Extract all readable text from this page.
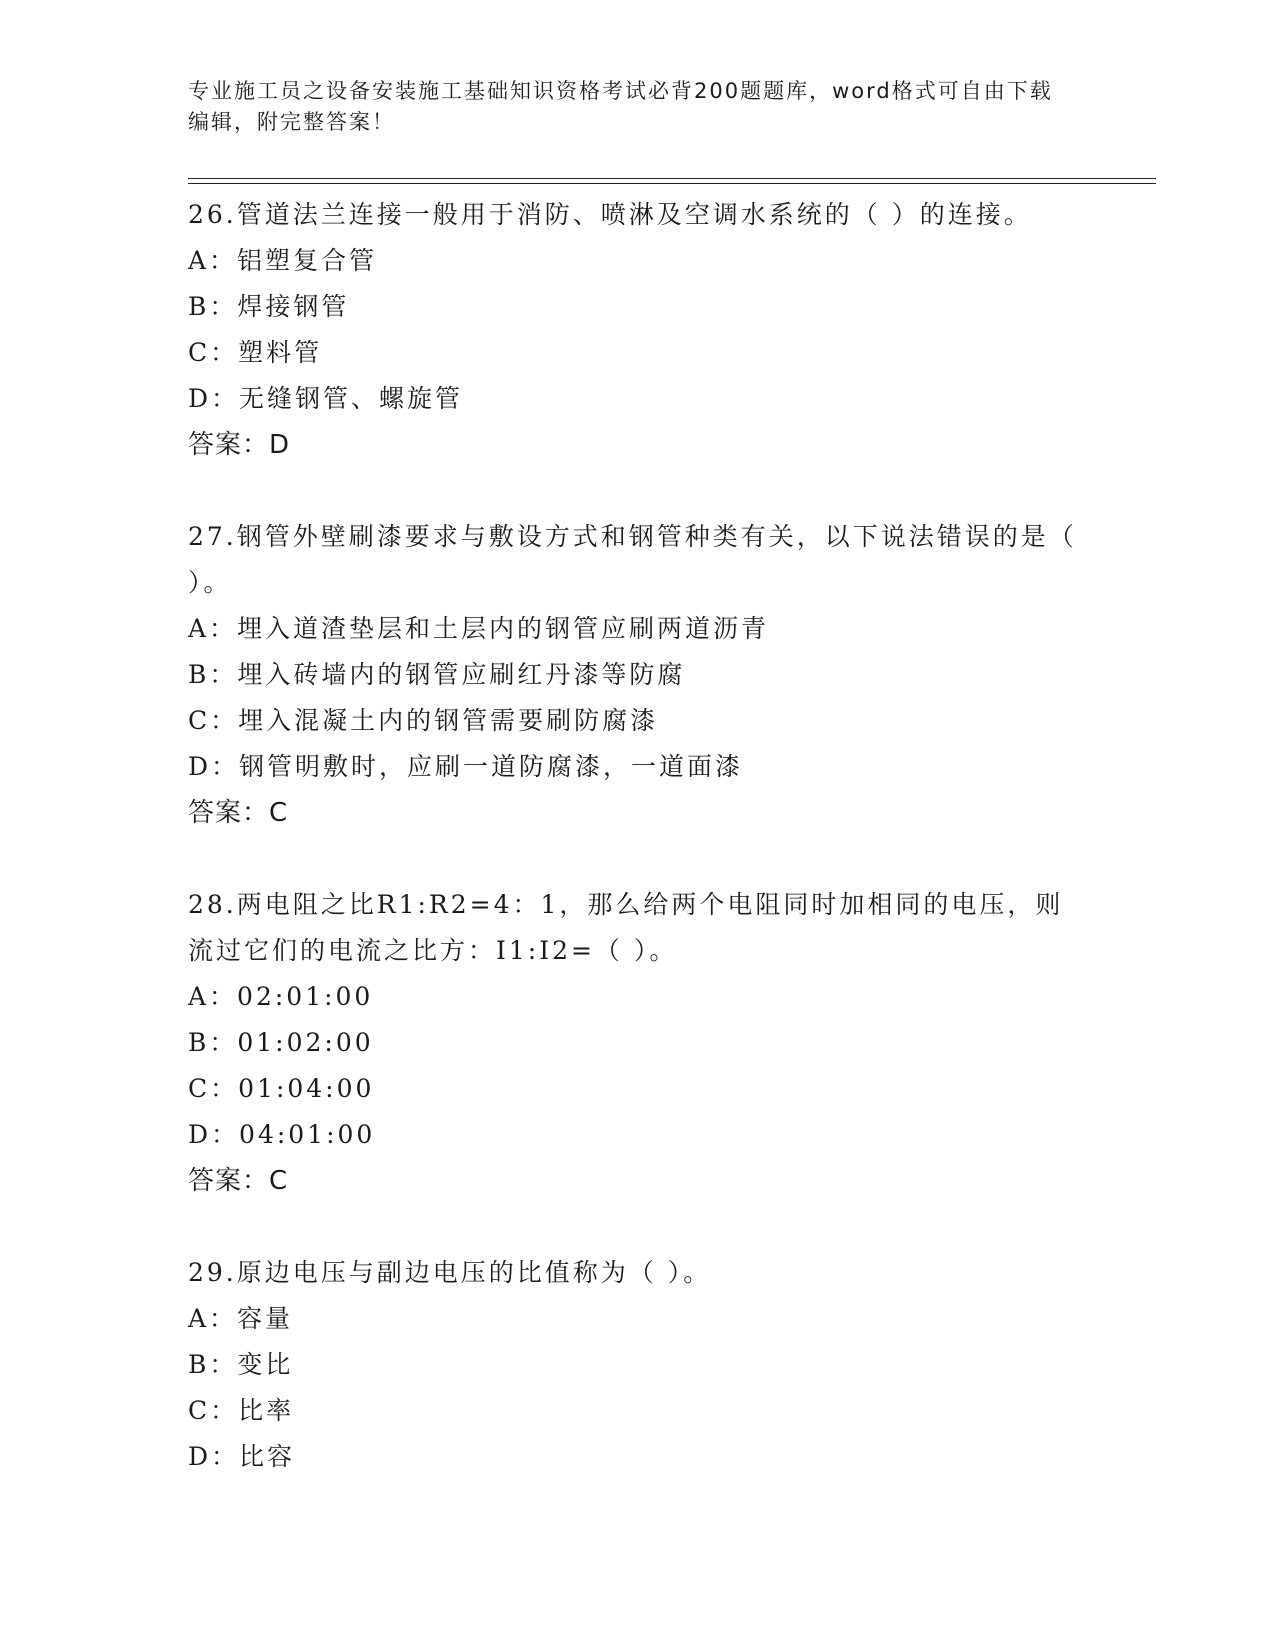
专业施工员之设备安装施工基础知识资格考试必背200题题库，word格式可自由下载编辑，附完整答案！

26.管道法兰连接一般用于消防、喷淋及空调水系统的（ ）的连接。

A：铝塑复合管

B：焊接钢管

C：塑料管

D：无缝钢管、螺旋管

答案：D

27.钢管外壁刷漆要求与敷设方式和钢管种类有关，以下说法错误的是（ ）。

A：埋入道渣垫层和土层内的钢管应刷两道沥青

B：埋入砖墙内的钢管应刷红丹漆等防腐

C：埋入混凝土内的钢管需要刷防腐漆

D：钢管明敷时，应刷一道防腐漆，一道面漆

答案：C

28.两电阻之比R1:R2=4：1，那么给两个电阻同时加相同的电压，则流过它们的电流之比方：I1:I2=（ ）。

A：02:01:00

B：01:02:00

C：01:04:00

D：04:01:00

答案：C

29.原边电压与副边电压的比值称为（ ）。

A：容量

B：变比

C：比率

D：比容
